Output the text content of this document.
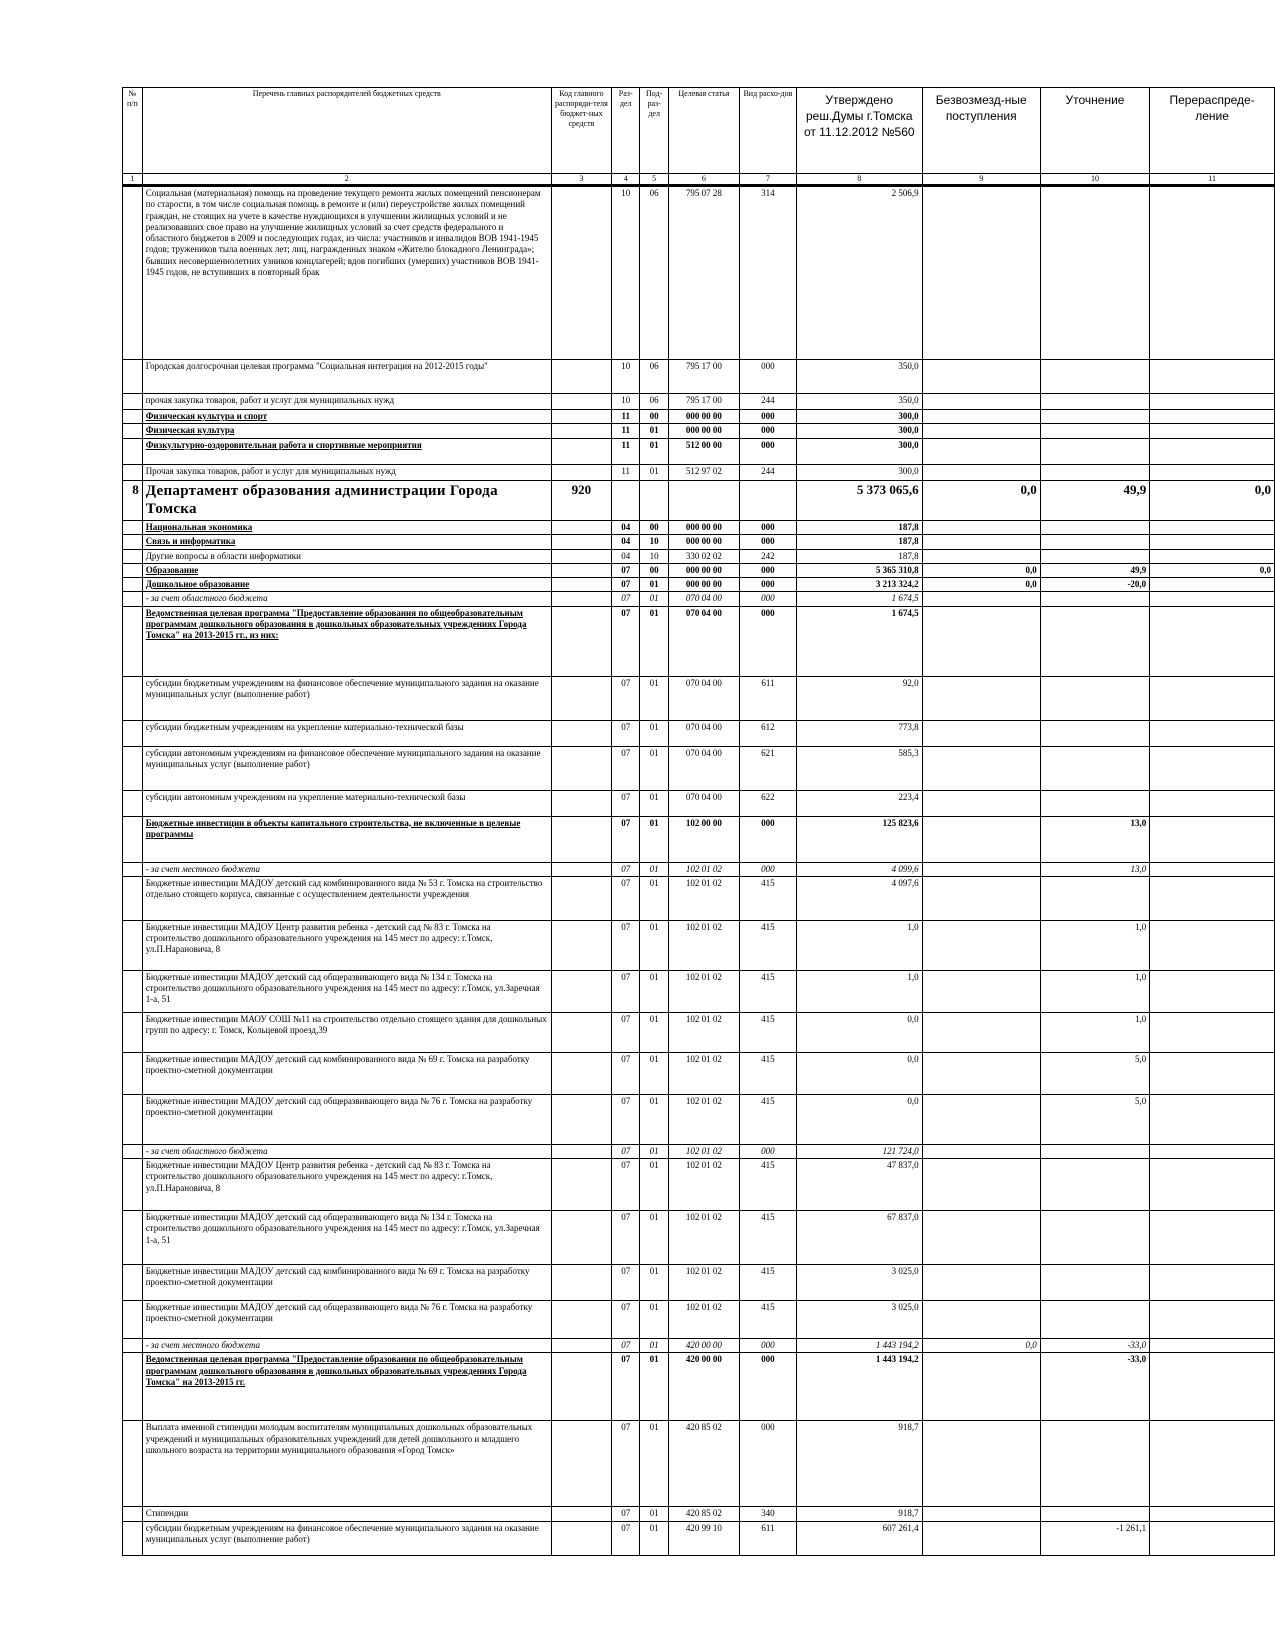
№ п/п	Перечень главных распорядителей бюджетных средств	Код главного распоряди-теля бюджет-ных средств	Раз-дел	Под-раз-дел	Целевая статья	Вид расхо-дов	Утверждено реш.Думы г.Томска от 11.12.2012 №560	Безвозмезд-ные поступления	Уточнение	Перераспреде-ление
1	2	3	4	5	6	7	8	9	10	11
	Социальная (материальная) помощь на проведение текущего ремонта жилых помещений пенсионерам по старости, в том числе социальная помощь в ремонте и (или) переустройстве жилых помещений граждан, не стоящих на учете в качестве нуждающихся в улучшении жилищных условий и не реализовавших свое право на улучшение жилищных условий за счет средств федерального и областного бюджетов в 2009 и последующих годах, из числа: участников и инвалидов ВОВ 1941-1945 годов; тружеников тыла военных лет; лиц, награжденных знаком «Жителю блокадного Ленинграда»; бывших несовершеннолетних узников концлагерей; вдов погибших (умерших) участников ВОВ 1941-1945 годов, не вступивших в повторный брак		10	06	795 07 28	314	2 506,9			
	Городская долгосрочная целевая программа "Социальная интеграция на 2012-2015 годы"		10	06	795 17 00	000	350,0			
	прочая закупка товаров, работ и услуг для муниципальных нужд		10	06	795 17 00	244	350,0			
	Физическая культура и спорт		11	00	000 00 00	000	300,0			
	Физическая культура		11	01	000 00 00	000	300,0			
	Физкультурно-оздоровительная работа и спортивные мероприятия		11	01	512 00 00	000	300,0			
	Прочая закупка товаров, работ и услуг для муниципальных нужд		11	01	512 97 02	244	300,0			
8	Департамент образования администрации Города Томска	920					5 373 065,6	0,0	49,9	0,0
	Национальная экономика		04	00	000 00 00	000	187,8			
	Связь и информатика		04	10	000 00 00	000	187,8			
	Другие вопросы в области информатики		04	10	330 02 02	242	187,8			
	Образование		07	00	000 00 00	000	5 365 310,8	0,0	49,9	0,0
	Дошкольное образование		07	01	000 00 00	000	3 213 324,2	0,0	-20,0	
	- за счет областного бюджета		07	01	070 04 00	000	1 674,5			
	Ведомственная целевая программа "Предоставление образования по общеобразовательным программам дошкольного образования в дошкольных образовательных учреждениях Города Томска" на 2013-2015 гг., из них:		07	01	070 04 00	000	1 674,5			
	субсидии бюджетным учреждениям на финансовое обеспечение муниципального задания на оказание муниципальных услуг (выполнение работ)		07	01	070 04 00	611	92,0			
	субсидии бюджетным учреждениям на укрепление материально-технической базы		07	01	070 04 00	612	773,8			
	субсидии автономным учреждениям на финансовое обеспечение муниципального задания на оказание муниципальных услуг (выполнение работ)		07	01	070 04 00	621	585,3			
	субсидии автономным учреждениям на укрепление материально-технической базы		07	01	070 04 00	622	223,4			
	Бюджетные инвестиции в объекты капитального строительства, не включенные в целевые программы		07	01	102 00 00	000	125 823,6		13,0	
	- за счет местного бюджета		07	01	102 01 02	000	4 099,6		13,0	
	Бюджетные инвестиции МАДОУ детский сад комбинированного вида № 53 г. Томска на строительство отдельно стоящего корпуса, связанные с осуществлением деятельности учреждения		07	01	102 01 02	415	4 097,6			
	Бюджетные инвестиции МАДОУ Центр развития ребенка - детский сад № 83 г. Томска на строительство дошкольного образовательного учреждения на 145 мест по адресу: г.Томск, ул.П.Нарановича, 8		07	01	102 01 02	415	1,0		1,0	
	Бюджетные инвестиции МАДОУ детский сад общеразвивающего вида № 134 г. Томска на строительство дошкольного образовательного учреждения на 145 мест по адресу: г.Томск, ул.Заречная 1-а, 51		07	01	102 01 02	415	1,0		1,0	
	Бюджетные инвестиции МАОУ СОШ №11 на строительство отдельно стоящего здания для дошкольных групп по адресу: г. Томск, Кольцевой проезд,39		07	01	102 01 02	415	0,0		1,0	
	Бюджетные инвестиции МАДОУ детский сад комбинированного вида № 69 г. Томска на разработку проектно-сметной документации		07	01	102 01 02	415	0,0		5,0	
	Бюджетные инвестиции МАДОУ детский сад общеразвивающего вида № 76 г. Томска на разработку проектно-сметной документации		07	01	102 01 02	415	0,0		5,0	
	- за счет областного бюджета		07	01	102 01 02	000	121 724,0			
	Бюджетные инвестиции МАДОУ Центр развития ребенка - детский сад № 83 г. Томска на строительство дошкольного образовательного учреждения на 145 мест по адресу: г.Томск, ул.П.Нарановича, 8		07	01	102 01 02	415	47 837,0			
	Бюджетные инвестиции МАДОУ детский сад общеразвивающего вида № 134 г. Томска на строительство дошкольного образовательного учреждения на 145 мест по адресу: г.Томск, ул.Заречная 1-а, 51		07	01	102 01 02	415	67 837,0			
	Бюджетные инвестиции МАДОУ детский сад комбинированного вида № 69 г. Томска на разработку проектно-сметной документации		07	01	102 01 02	415	3 025,0			
	Бюджетные инвестиции МАДОУ детский сад общеразвивающего вида № 76 г. Томска на разработку проектно-сметной документации		07	01	102 01 02	415	3 025,0			
	- за счет местного бюджета		07	01	420 00 00	000	1 443 194,2	0,0	-33,0	
	Ведомственная целевая программа "Предоставление образования по общеобразовательным программам дошкольного образования в дошкольных образовательных учреждениях Города Томска" на 2013-2015 гг.		07	01	420 00 00	000	1 443 194,2		-33,0	
	Выплата именной стипендии молодым воспитателям муниципальных дошкольных образовательных учреждений и муниципальных образовательных учреждений для детей дошкольного и младшего школьного возраста на территории муниципального образования «Город Томск»		07	01	420 85 02	000	918,7			
	Стипендии		07	01	420 85 02	340	918,7			
	субсидии бюджетным учреждениям на финансовое обеспечение муниципального задания на оказание муниципальных услуг (выполнение работ)		07	01	420 99 10	611	607 261,4		-1 261,1	
